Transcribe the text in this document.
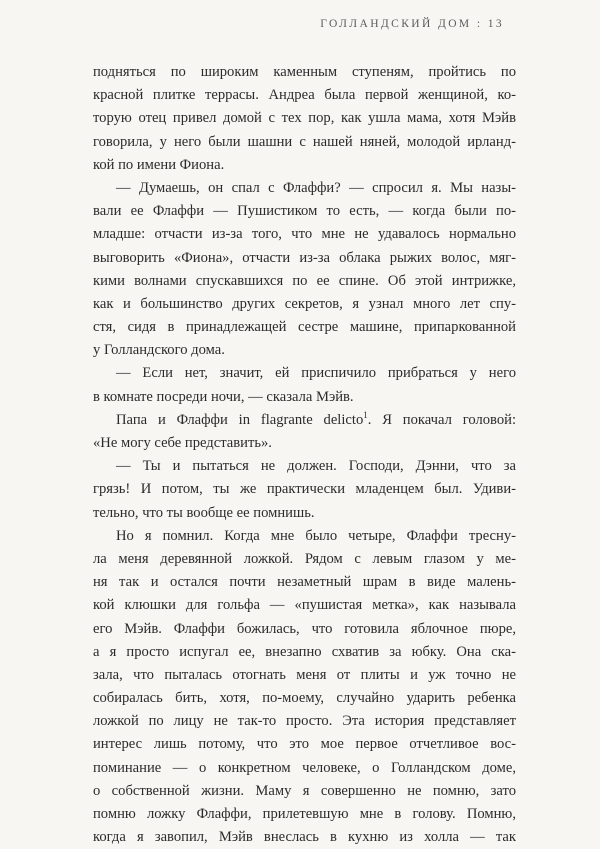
ГОЛЛАНДСКИЙ ДОМ : 13
подняться по широким каменным ступеням, пройтись по
красной плитке террасы. Андреа была первой женщиной, ко-
торую отец привел домой с тех пор, как ушла мама, хотя Мэйв
говорила, у него были шашни с нашей няней, молодой ирланд-
кой по имени Фиона.
— Думаешь, он спал с Флаффи? — спросил я. Мы назы-
вали ее Флаффи — Пушистиком то есть, — когда были по-
младше: отчасти из-за того, что мне не удавалось нормально
выговорить «Фиона», отчасти из-за облака рыжих волос, мяг-
кими волнами спускавшихся по ее спине. Об этой интрижке,
как и большинство других секретов, я узнал много лет спу-
стя, сидя в принадлежащей сестре машине, припаркованной
у Голландского дома.
— Если нет, значит, ей приспичило прибраться у него
в комнате посреди ночи, — сказала Мэйв.
Папа и Флаффи in flagrante delicto$^1$. Я покачал головой:
«Не могу себе представить».
— Ты и пытаться не должен. Господи, Дэнни, что за
грязь! И потом, ты же практически младенцем был. Удиви-
тельно, что ты вообще ее помнишь.
Но я помнил. Когда мне было четыре, Флаффи тресну-
ла меня деревянной ложкой. Рядом с левым глазом у ме-
ня так и остался почти незаметный шрам в виде малень-
кой клюшки для гольфа — «пушистая метка», как называла
его Мэйв. Флаффи божилась, что готовила яблочное пюре,
а я просто испугал ее, внезапно схватив за юбку. Она ска-
зала, что пыталась отогнать меня от плиты и уж точно не
собиралась бить, хотя, по-моему, случайно ударить ребенка
ложкой по лицу не так-то просто. Эта история представляет
интерес лишь потому, что это мое первое отчетливое вос-
поминание — о конкретном человеке, о Голландском доме,
о собственной жизни. Маму я совершенно не помню, зато
помню ложку Флаффи, прилетевшую мне в голову. Помню,
когда я завопил, Мэйв внеслась в кухню из холла — так
